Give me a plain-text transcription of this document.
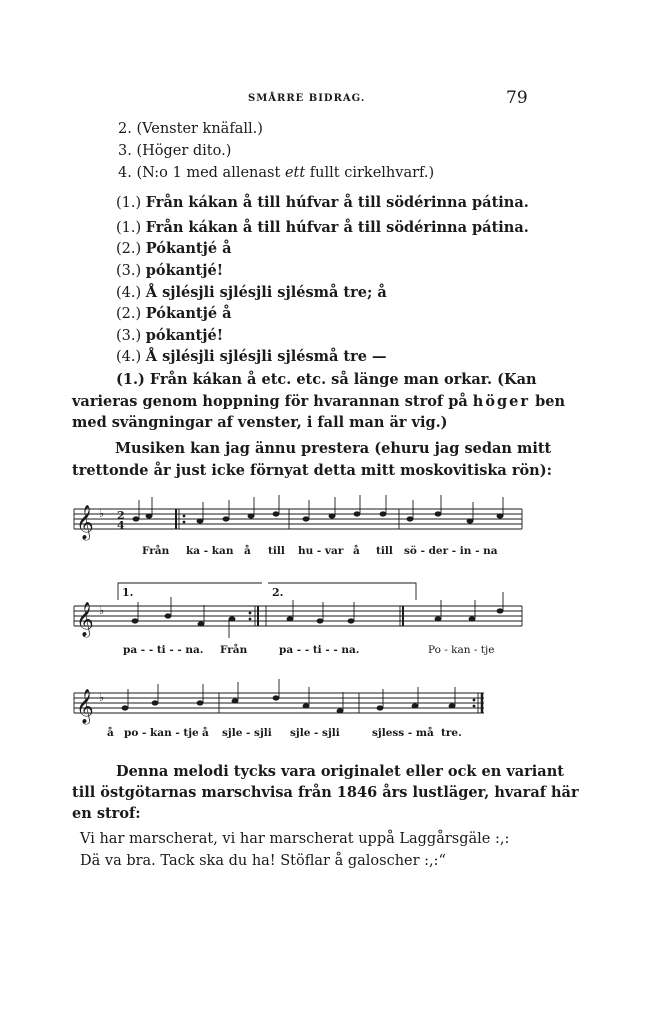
SMÅRRE BIDRAG.	79
2. (Venster knäfall.)
3. (Höger dito.)
4. (N:o 1 med allenast ett fullt cirkelhvarf.)
(1.) Från kákan å till húfvar å till södérinna pátina.
(1.) Från kákan å till húfvar å till södérinna pátina.
(2.) Pókantjé å
(3.) pókantjé!
(4.) Å sjlésjli sjlésjli sjlésmå tre; å
(2.) Pókantjé å
(3.) pókantjé!
(4.) Å sjlésjli sjlésjli sjlésmå tre —
(1.) Från kákan å etc. etc. så länge man orkar. (Kan
varieras genom hoppning för hvarannan strof på höger ben
med svängningar af venster, i fall man är vig.)
Musiken kan jag ännu prestera (ehuru jag sedan mitt
trettonde år just icke förnyat detta mitt moskovitiska rön):
𝄞
𝄞
𝄞
♭
♭
♭
2
4
1.	2.
Från ka - kan å till hu - var å till sö - der - in - na
pa - - ti - - na. Från	pa - - ti - - na.	Po - kan - tje
å po - kan - tje å sjle - sjli sjle - sjli	sjless - må tre.
Denna melodi tycks vara originalet eller ock en variant
till östgötarnas marschvisa från 1846 års lustläger, hvaraf här
en strof:
Vi har marscherat, vi har marscherat uppå Laggårsgäle :,:
Dä va bra. Tack ska du ha! Stöflar å galoscher :,:“
